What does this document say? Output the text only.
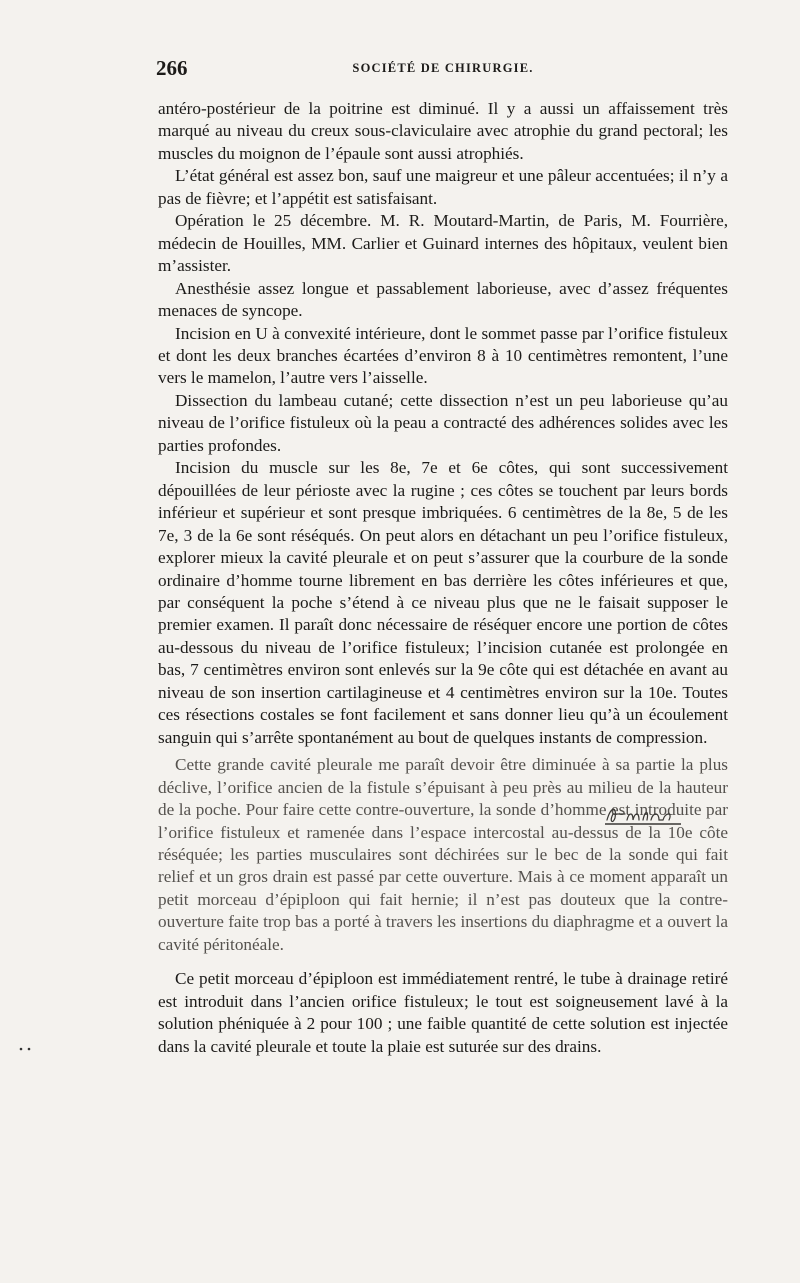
266	SOCIÉTÉ DE CHIRURGIE.

antéro-postérieur de la poitrine est diminué. Il y a aussi un affaissement très marqué au niveau du creux sous-claviculaire avec atrophie du grand pectoral; les muscles du moignon de l’épaule sont aussi atrophiés.

L’état général est assez bon, sauf une maigreur et une pâleur accentuées; il n’y a pas de fièvre; et l’appétit est satisfaisant.

Opération le 25 décembre. M. R. Moutard-Martin, de Paris, M. Fourrière, médecin de Houilles, MM. Carlier et Guinard internes des hôpitaux, veulent bien m’assister.

Anesthésie assez longue et passablement laborieuse, avec d’assez fréquentes menaces de syncope.

Incision en U à convexité intérieure, dont le sommet passe par l’orifice fistuleux et dont les deux branches écartées d’environ 8 à 10 centimètres remontent, l’une vers le mamelon, l’autre vers l’aisselle.

Dissection du lambeau cutané; cette dissection n’est un peu laborieuse qu’au niveau de l’orifice fistuleux où la peau a contracté des adhérences solides avec les parties profondes.

Incision du muscle sur les 8e, 7e et 6e côtes, qui sont successivement dépouillées de leur périoste avec la rugine ; ces côtes se touchent par leurs bords inférieur et supérieur et sont presque imbriquées. 6 centimètres de la 8e, 5 de les 7e, 3 de la 6e sont réséqués. On peut alors en détachant un peu l’orifice fistuleux, explorer mieux la cavité pleurale et on peut s’assurer que la courbure de la sonde ordinaire d’homme tourne librement en bas derrière les côtes inférieures et que, par conséquent la poche s’étend à ce niveau plus que ne le faisait supposer le premier examen. Il paraît donc nécessaire de réséquer encore une portion de côtes au-dessous du niveau de l’orifice fistuleux; l’incision cutanée est prolongée en bas, 7 centimètres environ sont enlevés sur la 9e côte qui est détachée en avant au niveau de son insertion cartilagineuse et 4 centimètres environ sur la 10e. Toutes ces résections costales se font facilement et sans donner lieu qu’à un écoulement sanguin qui s’arrête spontanément au bout de quelques instants de compression.

Cette grande cavité pleurale me paraît devoir être diminuée à sa partie la plus déclive, l’orifice ancien de la fistule s’épuisant à peu près au milieu de la hauteur de la poche. Pour faire cette contre-ouverture, la sonde d’homme est introduite par l’orifice fistuleux et ramenée dans l’espace intercostal au-dessus de la 10e côte réséquée; les parties musculaires sont déchirées sur le bec de la sonde qui fait relief et un gros drain est passé par cette ouverture. Mais à ce moment apparaît un petit morceau d’épiploon qui fait hernie; il n’est pas douteux que la contre-ouverture faite trop bas a porté à travers les insertions du diaphragme et a ouvert la cavité péritonéale.

Ce petit morceau d’épiploon est immédiatement rentré, le tube à drainage retiré est introduit dans l’ancien orifice fistuleux; le tout est soigneusement lavé à la solution phéniquée à 2 pour 100 ; une faible quantité de cette solution est injectée dans la cavité pleurale et toute la plaie est suturée sur des drains.
